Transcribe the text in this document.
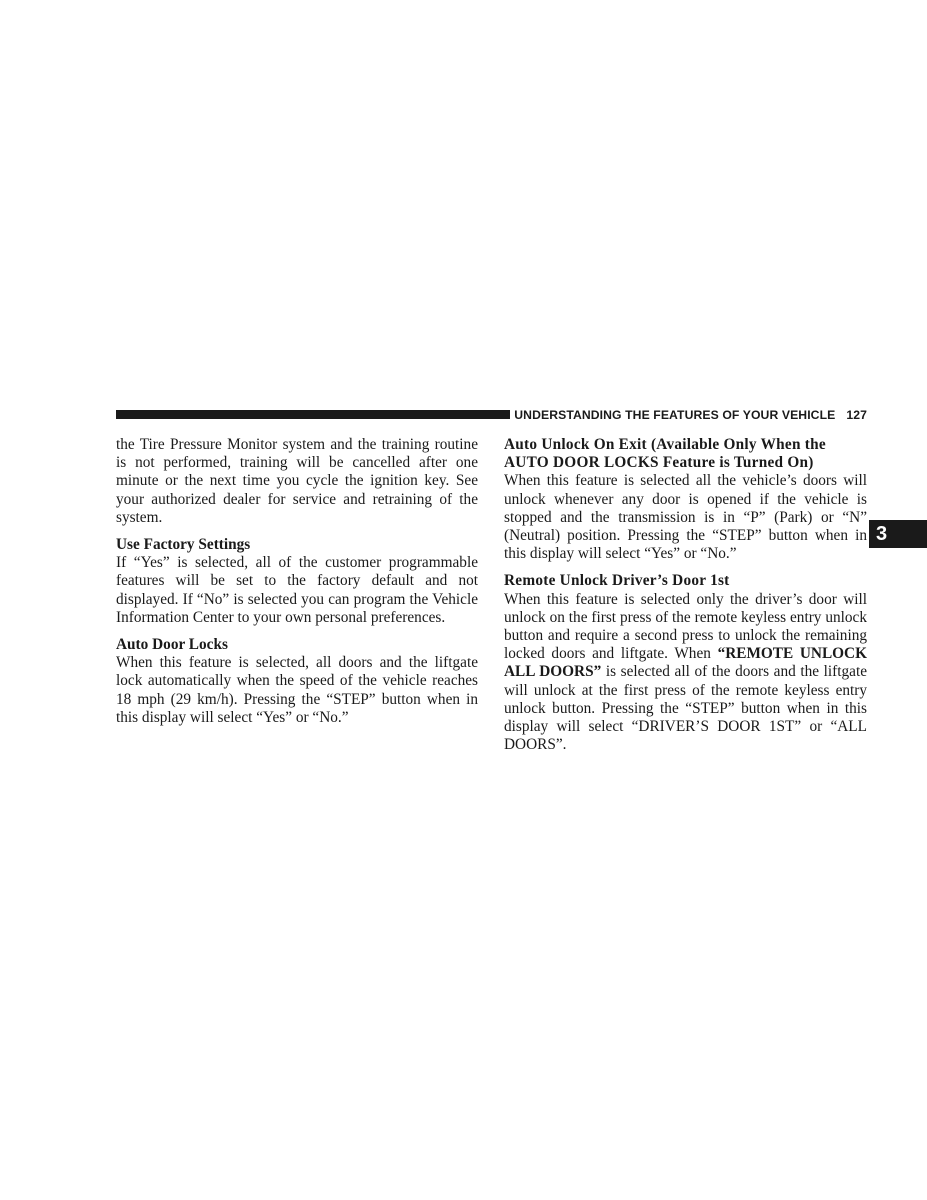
UNDERSTANDING THE FEATURES OF YOUR VEHICLE 127
3

the Tire Pressure Monitor system and the training routine is not performed, training will be cancelled after one minute or the next time you cycle the ignition key. See your authorized dealer for service and retraining of the system.

Use Factory Settings

If “Yes” is selected, all of the customer programmable features will be set to the factory default and not displayed. If “No” is selected you can program the Vehicle Information Center to your own personal preferences.

Auto Door Locks

When this feature is selected, all doors and the liftgate lock automatically when the speed of the vehicle reaches 18 mph (29 km/h). Pressing the “STEP” button when in this display will select “Yes” or “No.”

Auto Unlock On Exit (Available Only When the
AUTO DOOR LOCKS Feature is Turned On)

When this feature is selected all the vehicle’s doors will unlock whenever any door is opened if the vehicle is stopped and the transmission is in “P” (Park) or “N” (Neutral) position. Pressing the “STEP” button when in this display will select “Yes” or “No.”

Remote Unlock Driver’s Door 1st

When this feature is selected only the driver’s door will unlock on the first press of the remote keyless entry unlock button and require a second press to unlock the remaining locked doors and liftgate. When “REMOTE UNLOCK ALL DOORS” is selected all of the doors and the liftgate will unlock at the first press of the remote keyless entry unlock button. Pressing the “STEP” button when in this display will select “DRIVER’S DOOR 1ST” or “ALL DOORS”.
